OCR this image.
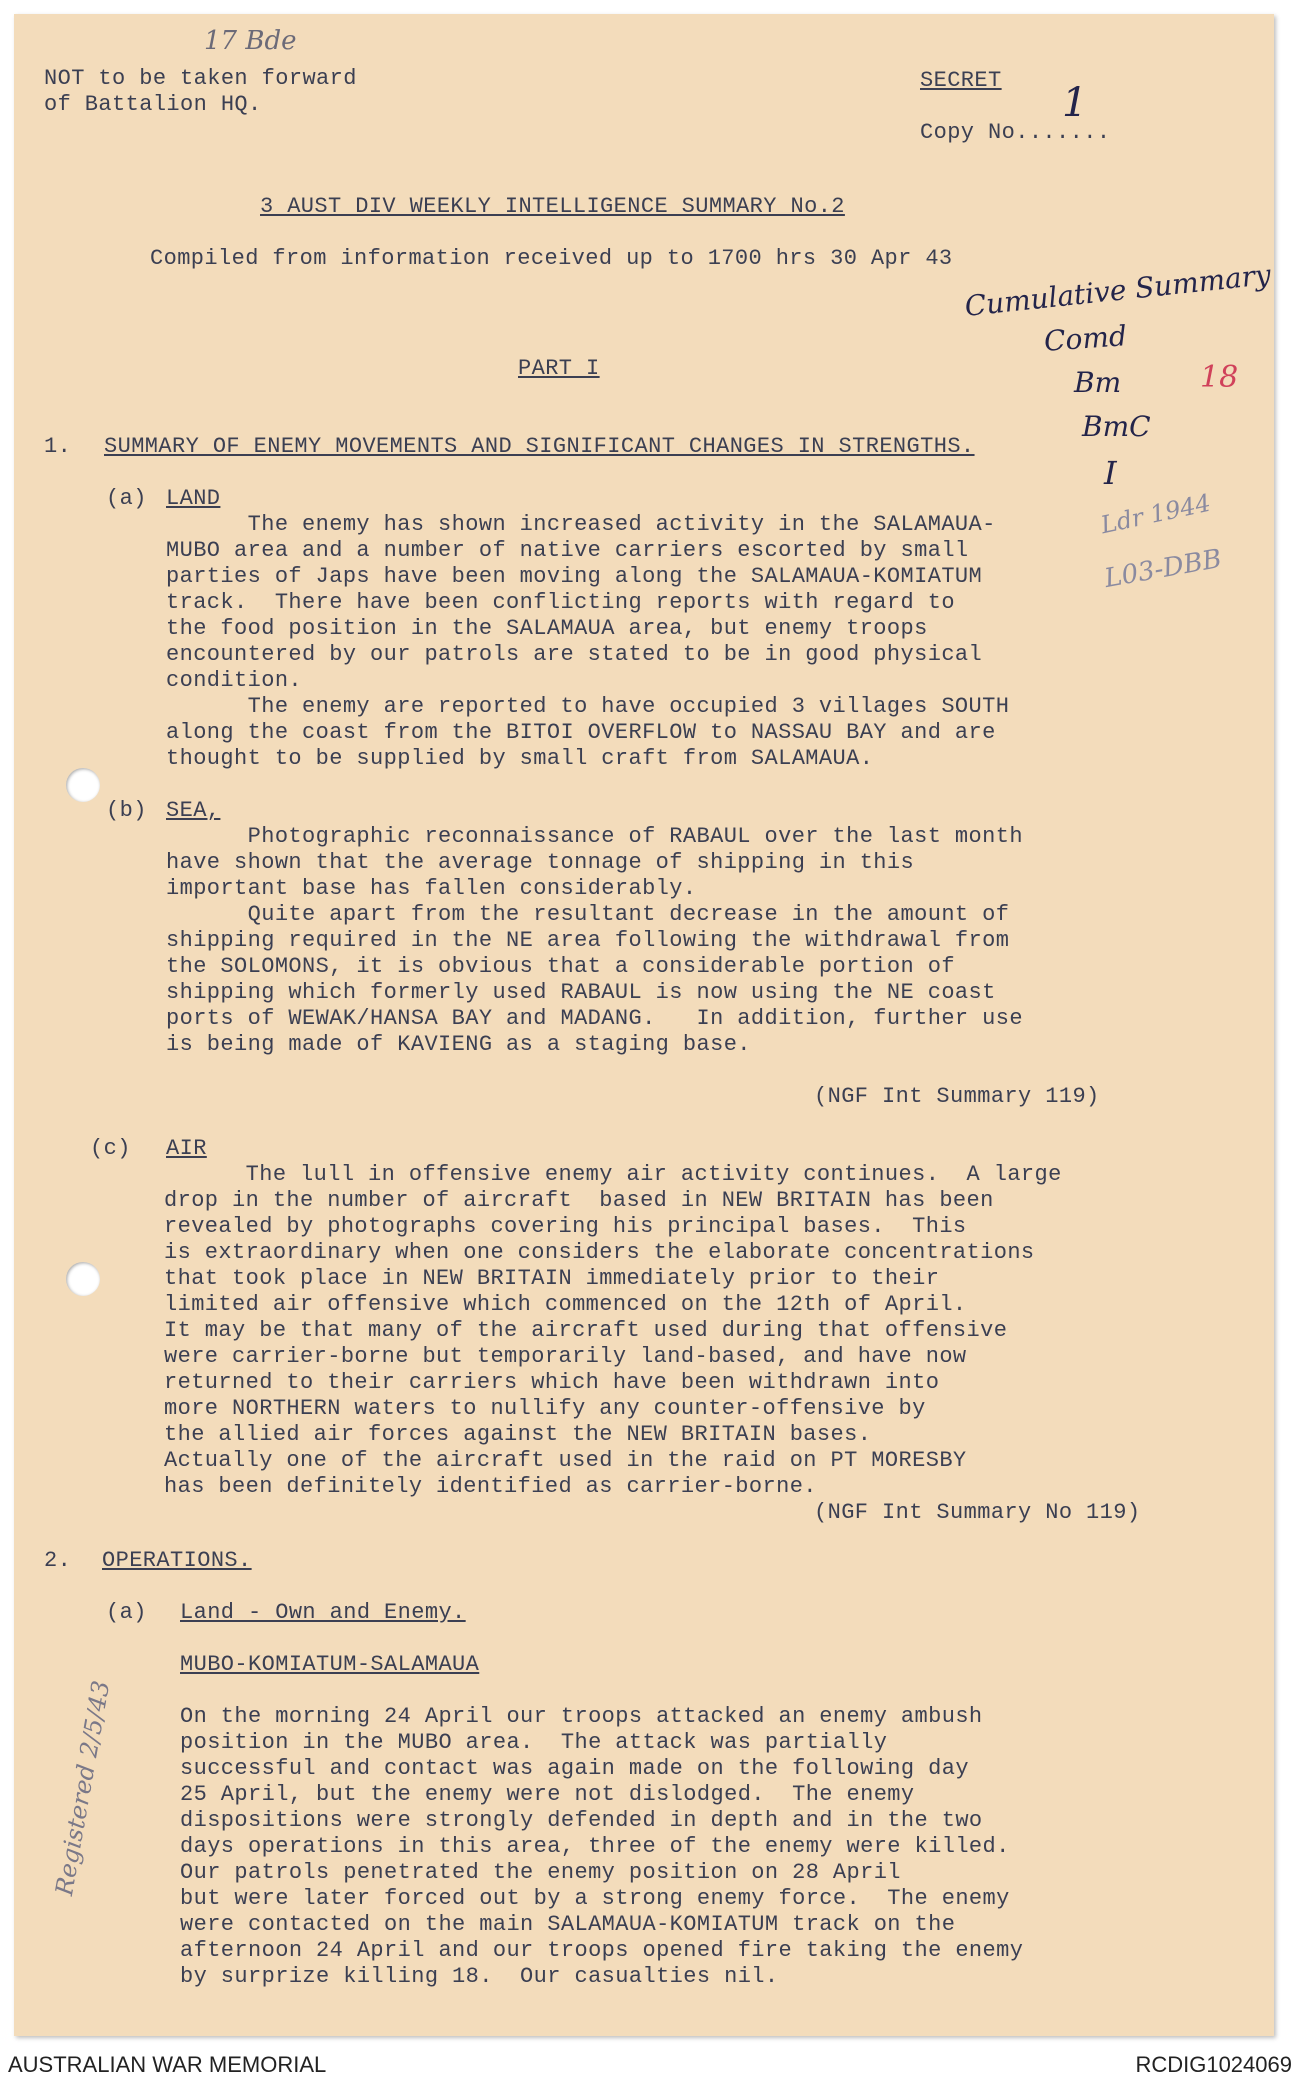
NOT to be taken forward
of Battalion HQ.
17 Bde
SECRET
Copy No.......
1
3 AUST DIV WEEKLY INTELLIGENCE SUMMARY No.2
Compiled from information received up to 1700 hrs 30 Apr 43 Cumulative Summary
Comd
Bm
BmC
I
18
Ldr 1944
L03-DBB
PART I
1. SUMMARY OF ENEMY MOVEMENTS AND SIGNIFICANT CHANGES IN STRENGTHS.
(a) LAND
The enemy has shown increased activity in the SALAMAUA-
MUBO area and a number of native carriers escorted by small
parties of Japs have been moving along the SALAMAUA-KOMIATUM
track.  There have been conflicting reports with regard to
the food position in the SALAMAUA area, but enemy troops
encountered by our patrols are stated to be in good physical
condition.
The enemy are reported to have occupied 3 villages SOUTH
along the coast from the BITOI OVERFLOW to NASSAU BAY and are
thought to be supplied by small craft from SALAMAUA.
(b) SEA,
Photographic reconnaissance of RABAUL over the last month
have shown that the average tonnage of shipping in this
important base has fallen considerably.
Quite apart from the resultant decrease in the amount of
shipping required in the NE area following the withdrawal from
the SOLOMONS, it is obvious that a considerable portion of
shipping which formerly used RABAUL is now using the NE coast
ports of WEWAK/HANSA BAY and MADANG.   In addition, further use
is being made of KAVIENG as a staging base.
(NGF Int Summary 119)
(c) AIR
The lull in offensive enemy air activity continues.  A large
drop in the number of aircraft  based in NEW BRITAIN has been
revealed by photographs covering his principal bases.  This
is extraordinary when one considers the elaborate concentrations
that took place in NEW BRITAIN immediately prior to their
limited air offensive which commenced on the 12th of April.
It may be that many of the aircraft used during that offensive
were carrier-borne but temporarily land-based, and have now
returned to their carriers which have been withdrawn into
more NORTHERN waters to nullify any counter-offensive by
the allied air forces against the NEW BRITAIN bases.
Actually one of the aircraft used in the raid on PT MORESBY
has been definitely identified as carrier-borne.
(NGF Int Summary No 119)
2. OPERATIONS.
(a) Land - Own and Enemy.
MUBO-KOMIATUM-SALAMAUA
On the morning 24 April our troops attacked an enemy ambush
position in the MUBO area.  The attack was partially
successful and contact was again made on the following day
25 April, but the enemy were not dislodged.  The enemy
dispositions were strongly defended in depth and in the two
days operations in this area, three of the enemy were killed.
Our patrols penetrated the enemy position on 28 April
but were later forced out by a strong enemy force.  The enemy
were contacted on the main SALAMAUA-KOMIATUM track on the
afternoon 24 April and our troops opened fire taking the enemy
by surprize killing 18.  Our casualties nil.
Registered 2/5/43
AUSTRALIAN WAR MEMORIAL	RCDIG1024069
